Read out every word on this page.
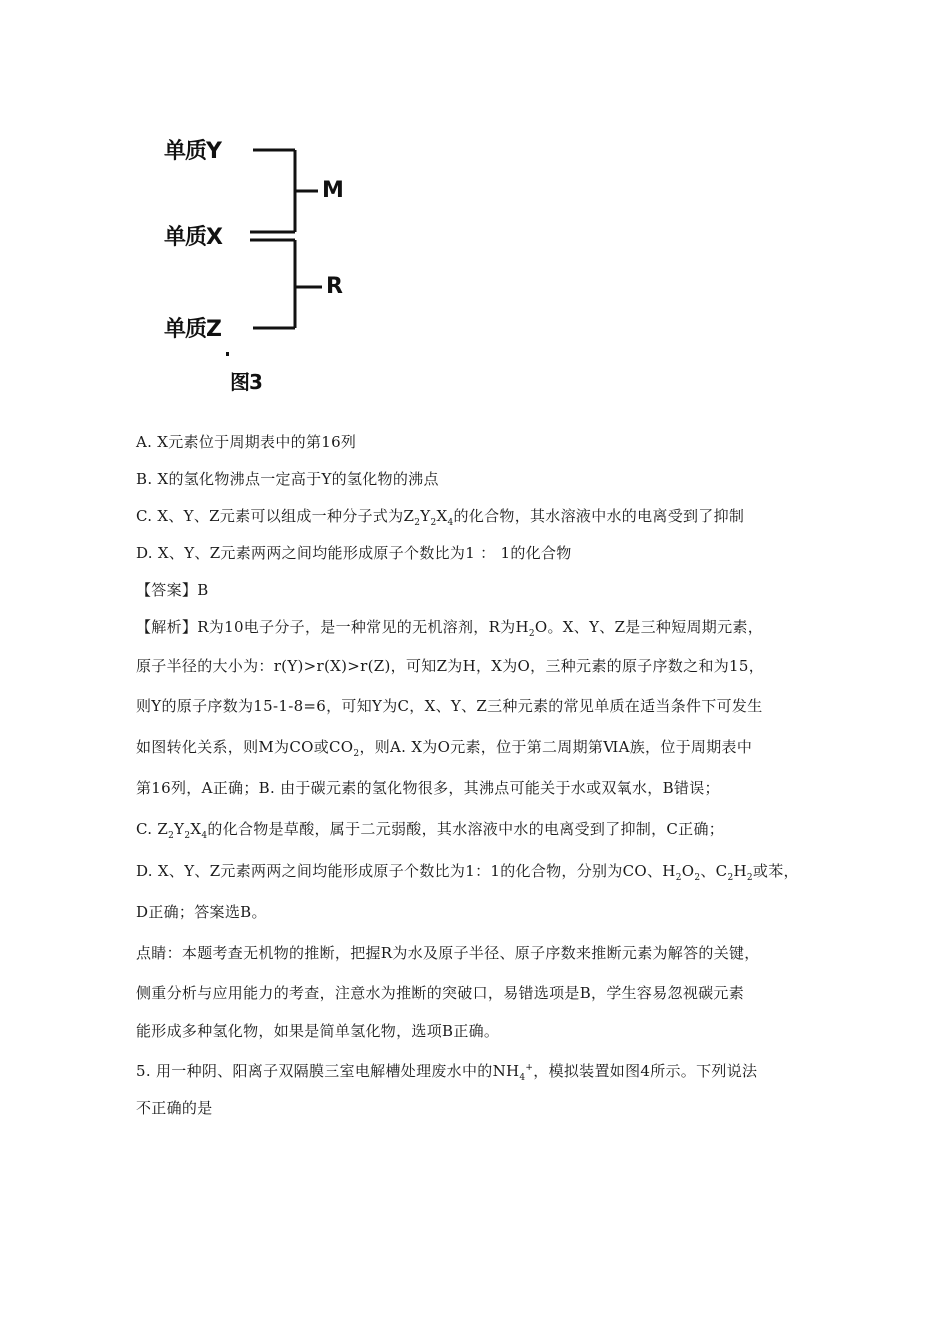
单质Y
M
单质X
R
单质Z
图3
A. X元素位于周期表中的第16列
B. X的氢化物沸点一定高于Y的氢化物的沸点
C. X、Y、Z元素可以组成一种分子式为$Z_2Y_2X_4$的化合物，其水溶液中水的电离受到了抑制
D. X、Y、Z元素两两之间均能形成原子个数比为1 ： 1的化合物
【答案】B
【解析】R为10电子分子，是一种常见的无机溶剂，R为$H_2O$。X、Y、Z是三种短周期元素，
原子半径的大小为：r(Y)>r(X)>r(Z)，可知Z为H，X为O，三种元素的原子序数之和为15，
则Y的原子序数为15-1-8=6，可知Y为C，X、Y、Z三种元素的常见单质在适当条件下可发生
如图转化关系，则M为CO或$CO_2$，则A. X为O元素，位于第二周期第ⅥA族，位于周期表中
第16列，A正确；B. 由于碳元素的氢化物很多，其沸点可能关于水或双氧水，B错误；
C. $Z_2Y_2X_4$的化合物是草酸，属于二元弱酸，其水溶液中水的电离受到了抑制，C正确；
D. X、Y、Z元素两两之间均能形成原子个数比为1：1的化合物，分别为CO、$H_2O_2$、$C_2H_2$或苯，
D正确；答案选B。
点睛：本题考查无机物的推断，把握R为水及原子半径、原子序数来推断元素为解答的关键，
侧重分析与应用能力的考查，注意水为推断的突破口，易错选项是B，学生容易忽视碳元素
能形成多种氢化物，如果是简单氢化物，选项B正确。
5. 用一种阴、阳离子双隔膜三室电解槽处理废水中的$NH_4^+$，模拟装置如图4所示。下列说法
不正确的是
